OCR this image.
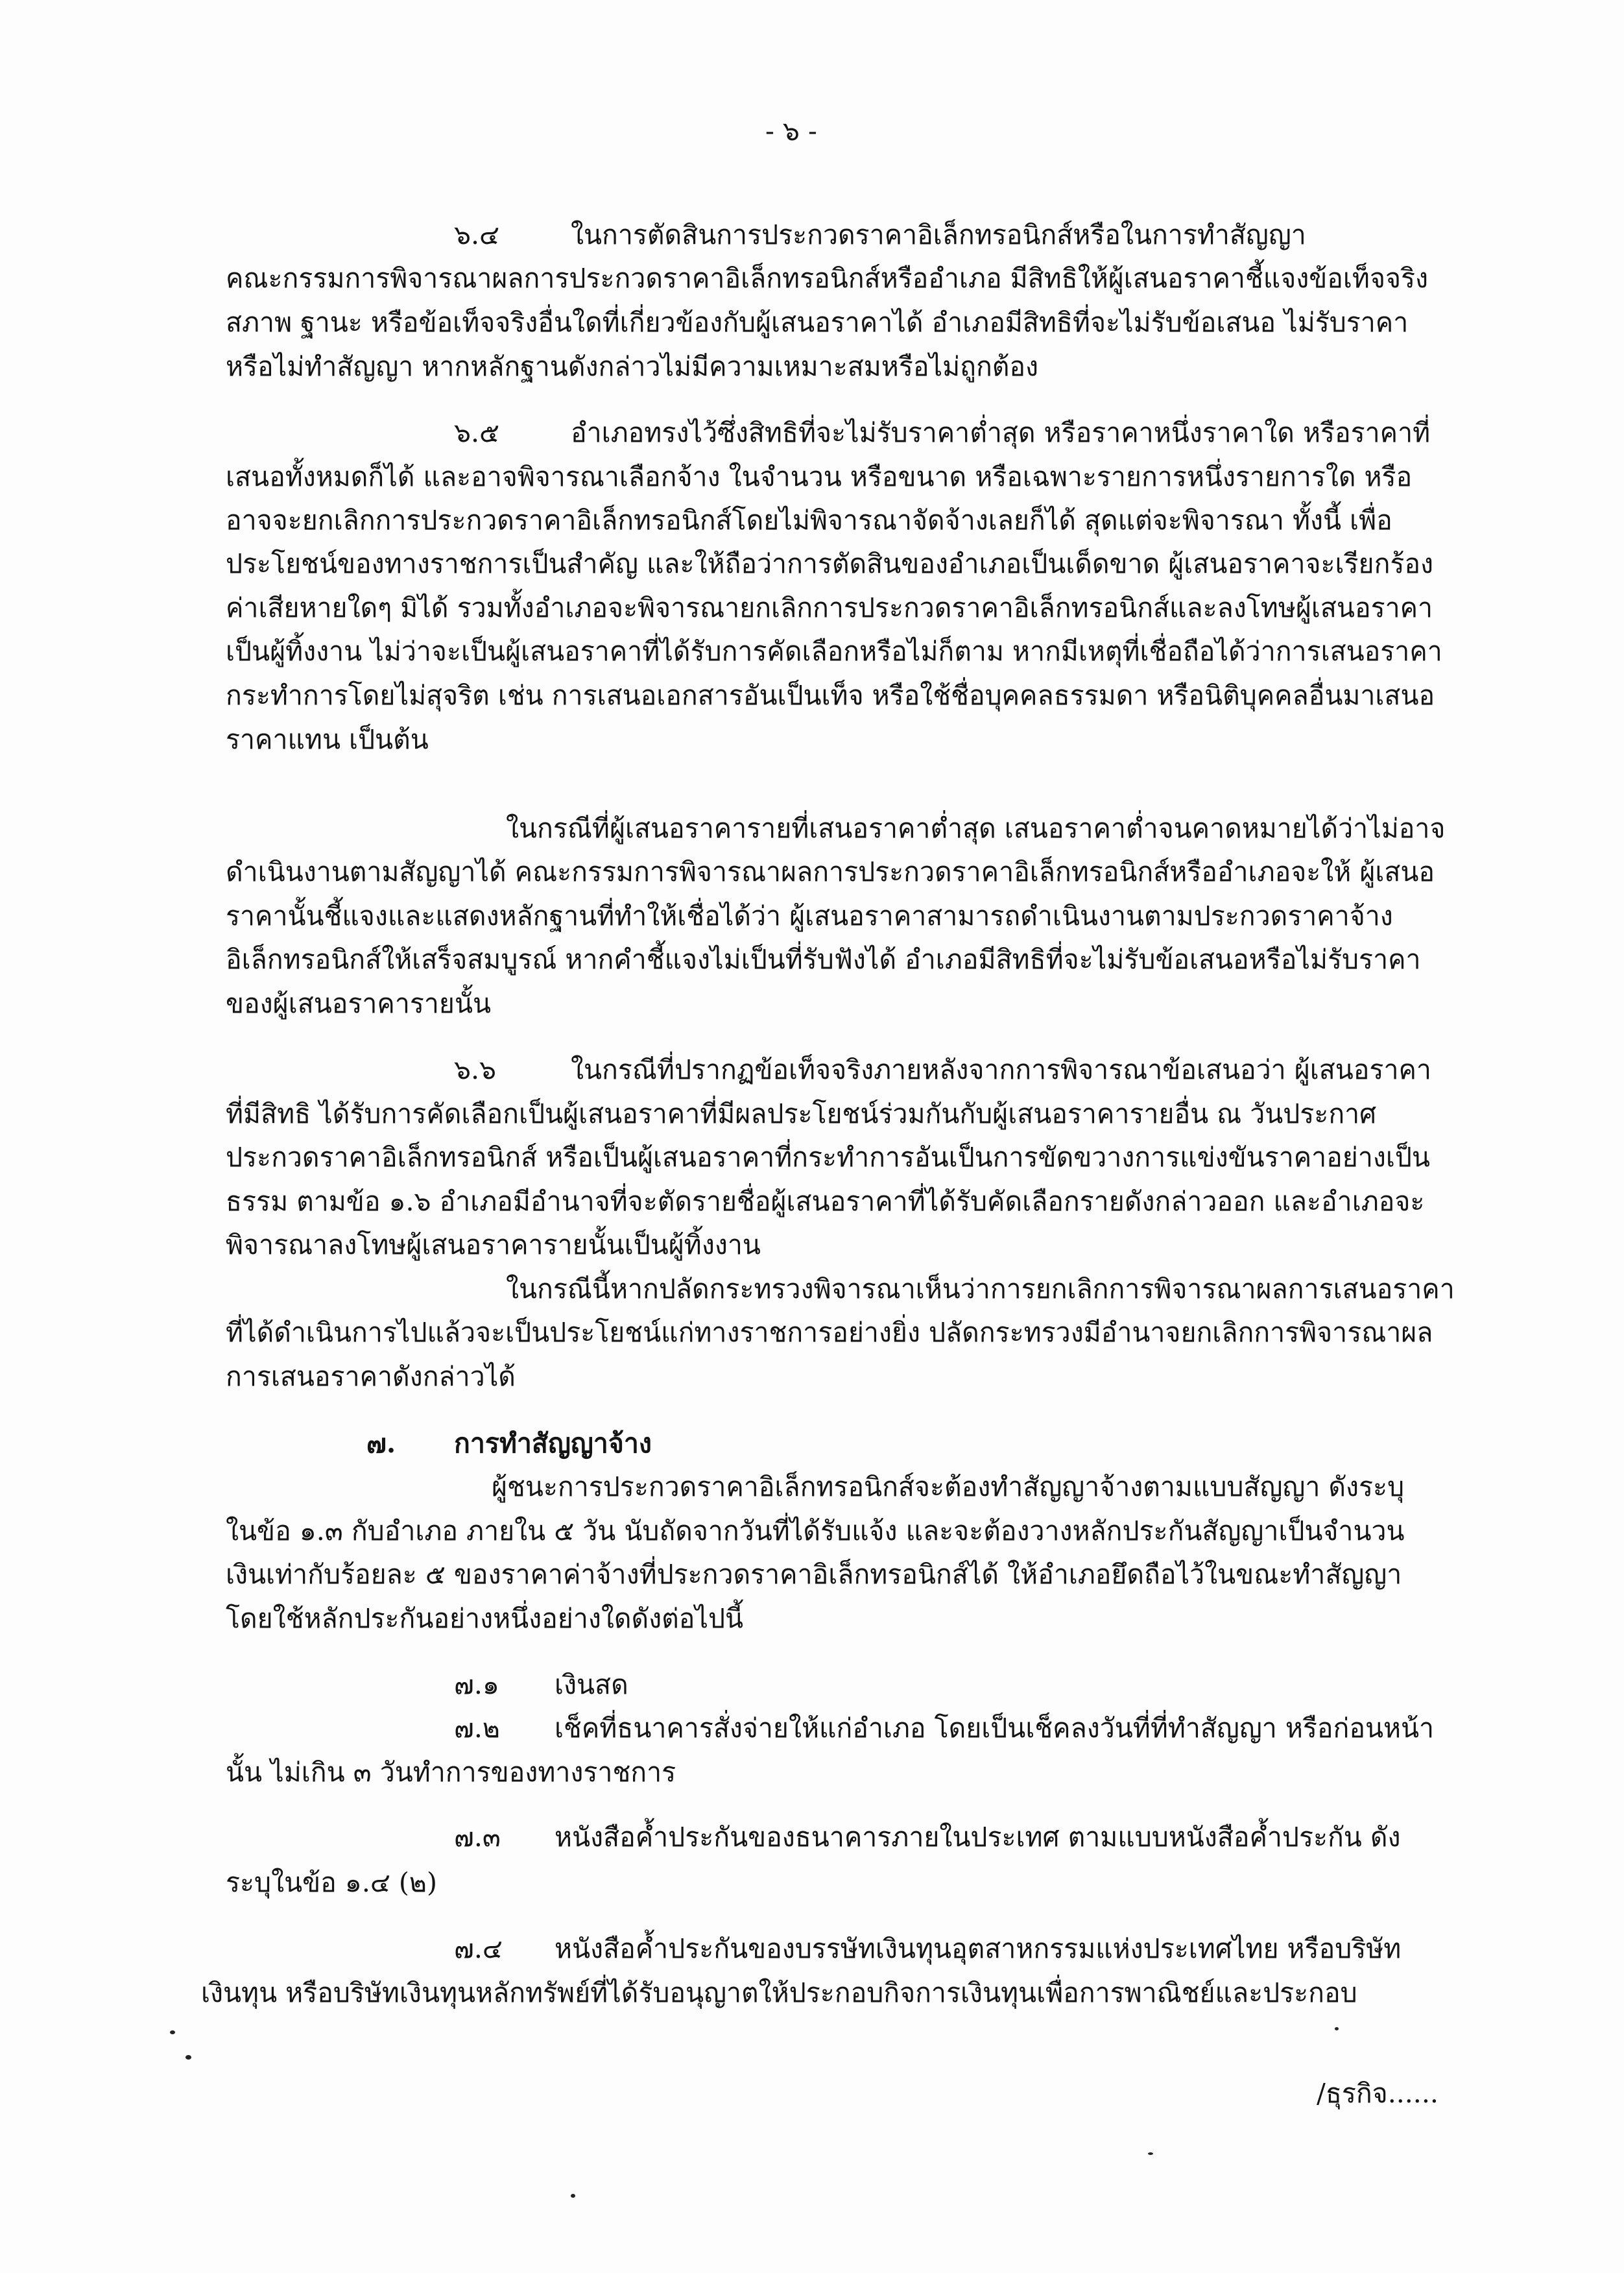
- ๖ -
๖.๔	ในการตัดสินการประกวดราคาอิเล็กทรอนิกส์หรือในการทำสัญญา
คณะกรรมการพิจารณาผลการประกวดราคาอิเล็กทรอนิกส์หรืออำเภอ มีสิทธิให้ผู้เสนอราคาชี้แจงข้อเท็จจริง
สภาพ ฐานะ หรือข้อเท็จจริงอื่นใดที่เกี่ยวข้องกับผู้เสนอราคาได้ อำเภอมีสิทธิที่จะไม่รับข้อเสนอ ไม่รับราคา
หรือไม่ทำสัญญา หากหลักฐานดังกล่าวไม่มีความเหมาะสมหรือไม่ถูกต้อง
๖.๕	อำเภอทรงไว้ซึ่งสิทธิที่จะไม่รับราคาต่ำสุด หรือราคาหนึ่งราคาใด หรือราคาที่
เสนอทั้งหมดก็ได้ และอาจพิจารณาเลือกจ้าง ในจำนวน หรือขนาด หรือเฉพาะรายการหนึ่งรายการใด หรือ
อาจจะยกเลิกการประกวดราคาอิเล็กทรอนิกส์โดยไม่พิจารณาจัดจ้างเลยก็ได้ สุดแต่จะพิจารณา ทั้งนี้ เพื่อ
ประโยชน์ของทางราชการเป็นสำคัญ และให้ถือว่าการตัดสินของอำเภอเป็นเด็ดขาด ผู้เสนอราคาจะเรียกร้อง
ค่าเสียหายใดๆ มิได้ รวมทั้งอำเภอจะพิจารณายกเลิกการประกวดราคาอิเล็กทรอนิกส์และลงโทษผู้เสนอราคา
เป็นผู้ทิ้งงาน ไม่ว่าจะเป็นผู้เสนอราคาที่ได้รับการคัดเลือกหรือไม่ก็ตาม หากมีเหตุที่เชื่อถือได้ว่าการเสนอราคา
กระทำการโดยไม่สุจริต เช่น การเสนอเอกสารอันเป็นเท็จ หรือใช้ชื่อบุคคลธรรมดา หรือนิติบุคคลอื่นมาเสนอ
ราคาแทน เป็นต้น
ในกรณีที่ผู้เสนอราคารายที่เสนอราคาต่ำสุด เสนอราคาต่ำจนคาดหมายได้ว่าไม่อาจ
ดำเนินงานตามสัญญาได้ คณะกรรมการพิจารณาผลการประกวดราคาอิเล็กทรอนิกส์หรืออำเภอจะให้ ผู้เสนอ
ราคานั้นชี้แจงและแสดงหลักฐานที่ทำให้เชื่อได้ว่า ผู้เสนอราคาสามารถดำเนินงานตามประกวดราคาจ้าง
อิเล็กทรอนิกส์ให้เสร็จสมบูรณ์ หากคำชี้แจงไม่เป็นที่รับฟังได้ อำเภอมีสิทธิที่จะไม่รับข้อเสนอหรือไม่รับราคา
ของผู้เสนอราคารายนั้น
๖.๖	ในกรณีที่ปรากฏข้อเท็จจริงภายหลังจากการพิจารณาข้อเสนอว่า ผู้เสนอราคา
ที่มีสิทธิ ได้รับการคัดเลือกเป็นผู้เสนอราคาที่มีผลประโยชน์ร่วมกันกับผู้เสนอราคารายอื่น ณ วันประกาศ
ประกวดราคาอิเล็กทรอนิกส์ หรือเป็นผู้เสนอราคาที่กระทำการอันเป็นการขัดขวางการแข่งขันราคาอย่างเป็น
ธรรม ตามข้อ ๑.๖ อำเภอมีอำนาจที่จะตัดรายชื่อผู้เสนอราคาที่ได้รับคัดเลือกรายดังกล่าวออก และอำเภอจะ
พิจารณาลงโทษผู้เสนอราคารายนั้นเป็นผู้ทิ้งงาน
ในกรณีนี้หากปลัดกระทรวงพิจารณาเห็นว่าการยกเลิกการพิจารณาผลการเสนอราคา
ที่ได้ดำเนินการไปแล้วจะเป็นประโยชน์แก่ทางราชการอย่างยิ่ง ปลัดกระทรวงมีอำนาจยกเลิกการพิจารณาผล
การเสนอราคาดังกล่าวได้
๗. การทำสัญญาจ้าง
ผู้ชนะการประกวดราคาอิเล็กทรอนิกส์จะต้องทำสัญญาจ้างตามแบบสัญญา ดังระบุ
ในข้อ ๑.๓ กับอำเภอ ภายใน ๕ วัน นับถัดจากวันที่ได้รับแจ้ง และจะต้องวางหลักประกันสัญญาเป็นจำนวน
เงินเท่ากับร้อยละ ๕ ของราคาค่าจ้างที่ประกวดราคาอิเล็กทรอนิกส์ได้ ให้อำเภอยึดถือไว้ในขณะทำสัญญา
โดยใช้หลักประกันอย่างหนึ่งอย่างใดดังต่อไปนี้
๗.๑ เงินสด
๗.๒ เช็คที่ธนาคารสั่งจ่ายให้แก่อำเภอ โดยเป็นเช็คลงวันที่ที่ทำสัญญา หรือก่อนหน้า
นั้น ไม่เกิน ๓ วันทำการของทางราชการ
๗.๓ หนังสือค้ำประกันของธนาคารภายในประเทศ ตามแบบหนังสือค้ำประกัน ดัง
ระบุในข้อ ๑.๔ (๒)
๗.๔ หนังสือค้ำประกันของบรรษัทเงินทุนอุตสาหกรรมแห่งประเทศไทย หรือบริษัท
เงินทุน หรือบริษัทเงินทุนหลักทรัพย์ที่ได้รับอนุญาตให้ประกอบกิจการเงินทุนเพื่อการพาณิชย์และประกอบ
/ธุรกิจ......
